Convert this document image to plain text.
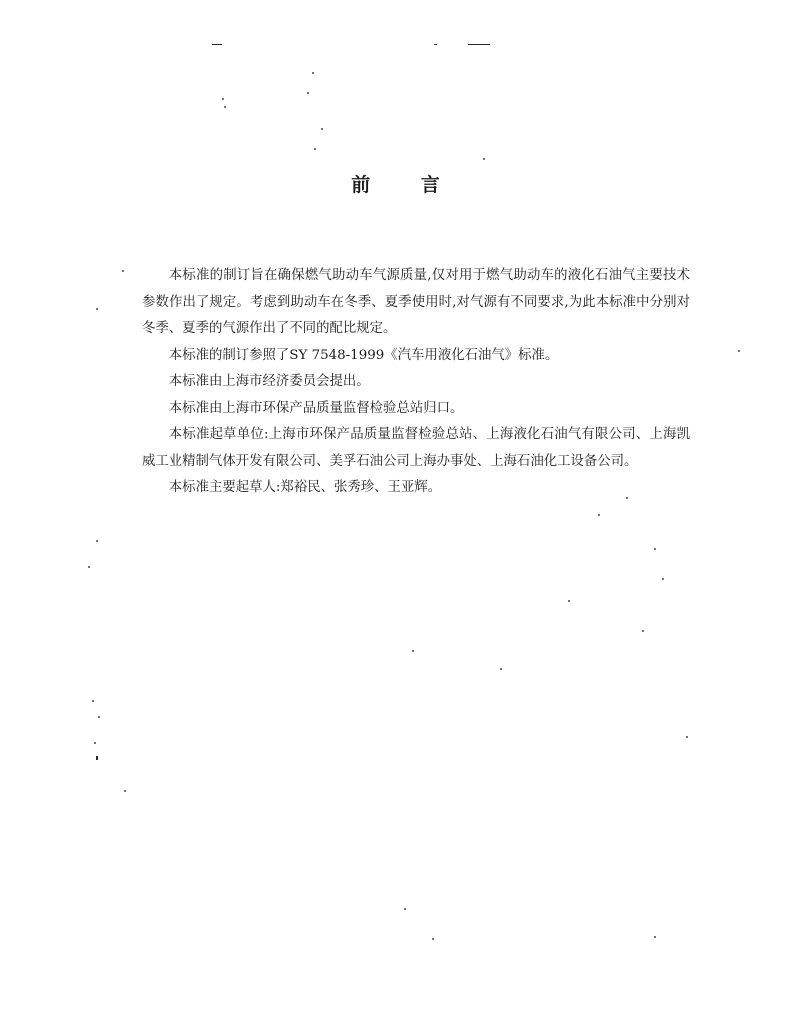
前 言

本标准的制订旨在确保燃气助动车气源质量,仅对用于燃气助动车的液化石油气主要技术参数作出了规定。考虑到助动车在冬季、夏季使用时,对气源有不同要求,为此本标准中分别对冬季、夏季的气源作出了不同的配比规定。

本标准的制订参照了SY 7548-1999《汽车用液化石油气》标准。

本标准由上海市经济委员会提出。

本标准由上海市环保产品质量监督检验总站归口。

本标准起草单位:上海市环保产品质量监督检验总站、上海液化石油气有限公司、上海凯威工业精制气体开发有限公司、美孚石油公司上海办事处、上海石油化工设备公司。

本标准主要起草人:郑裕民、张秀珍、王亚辉。
